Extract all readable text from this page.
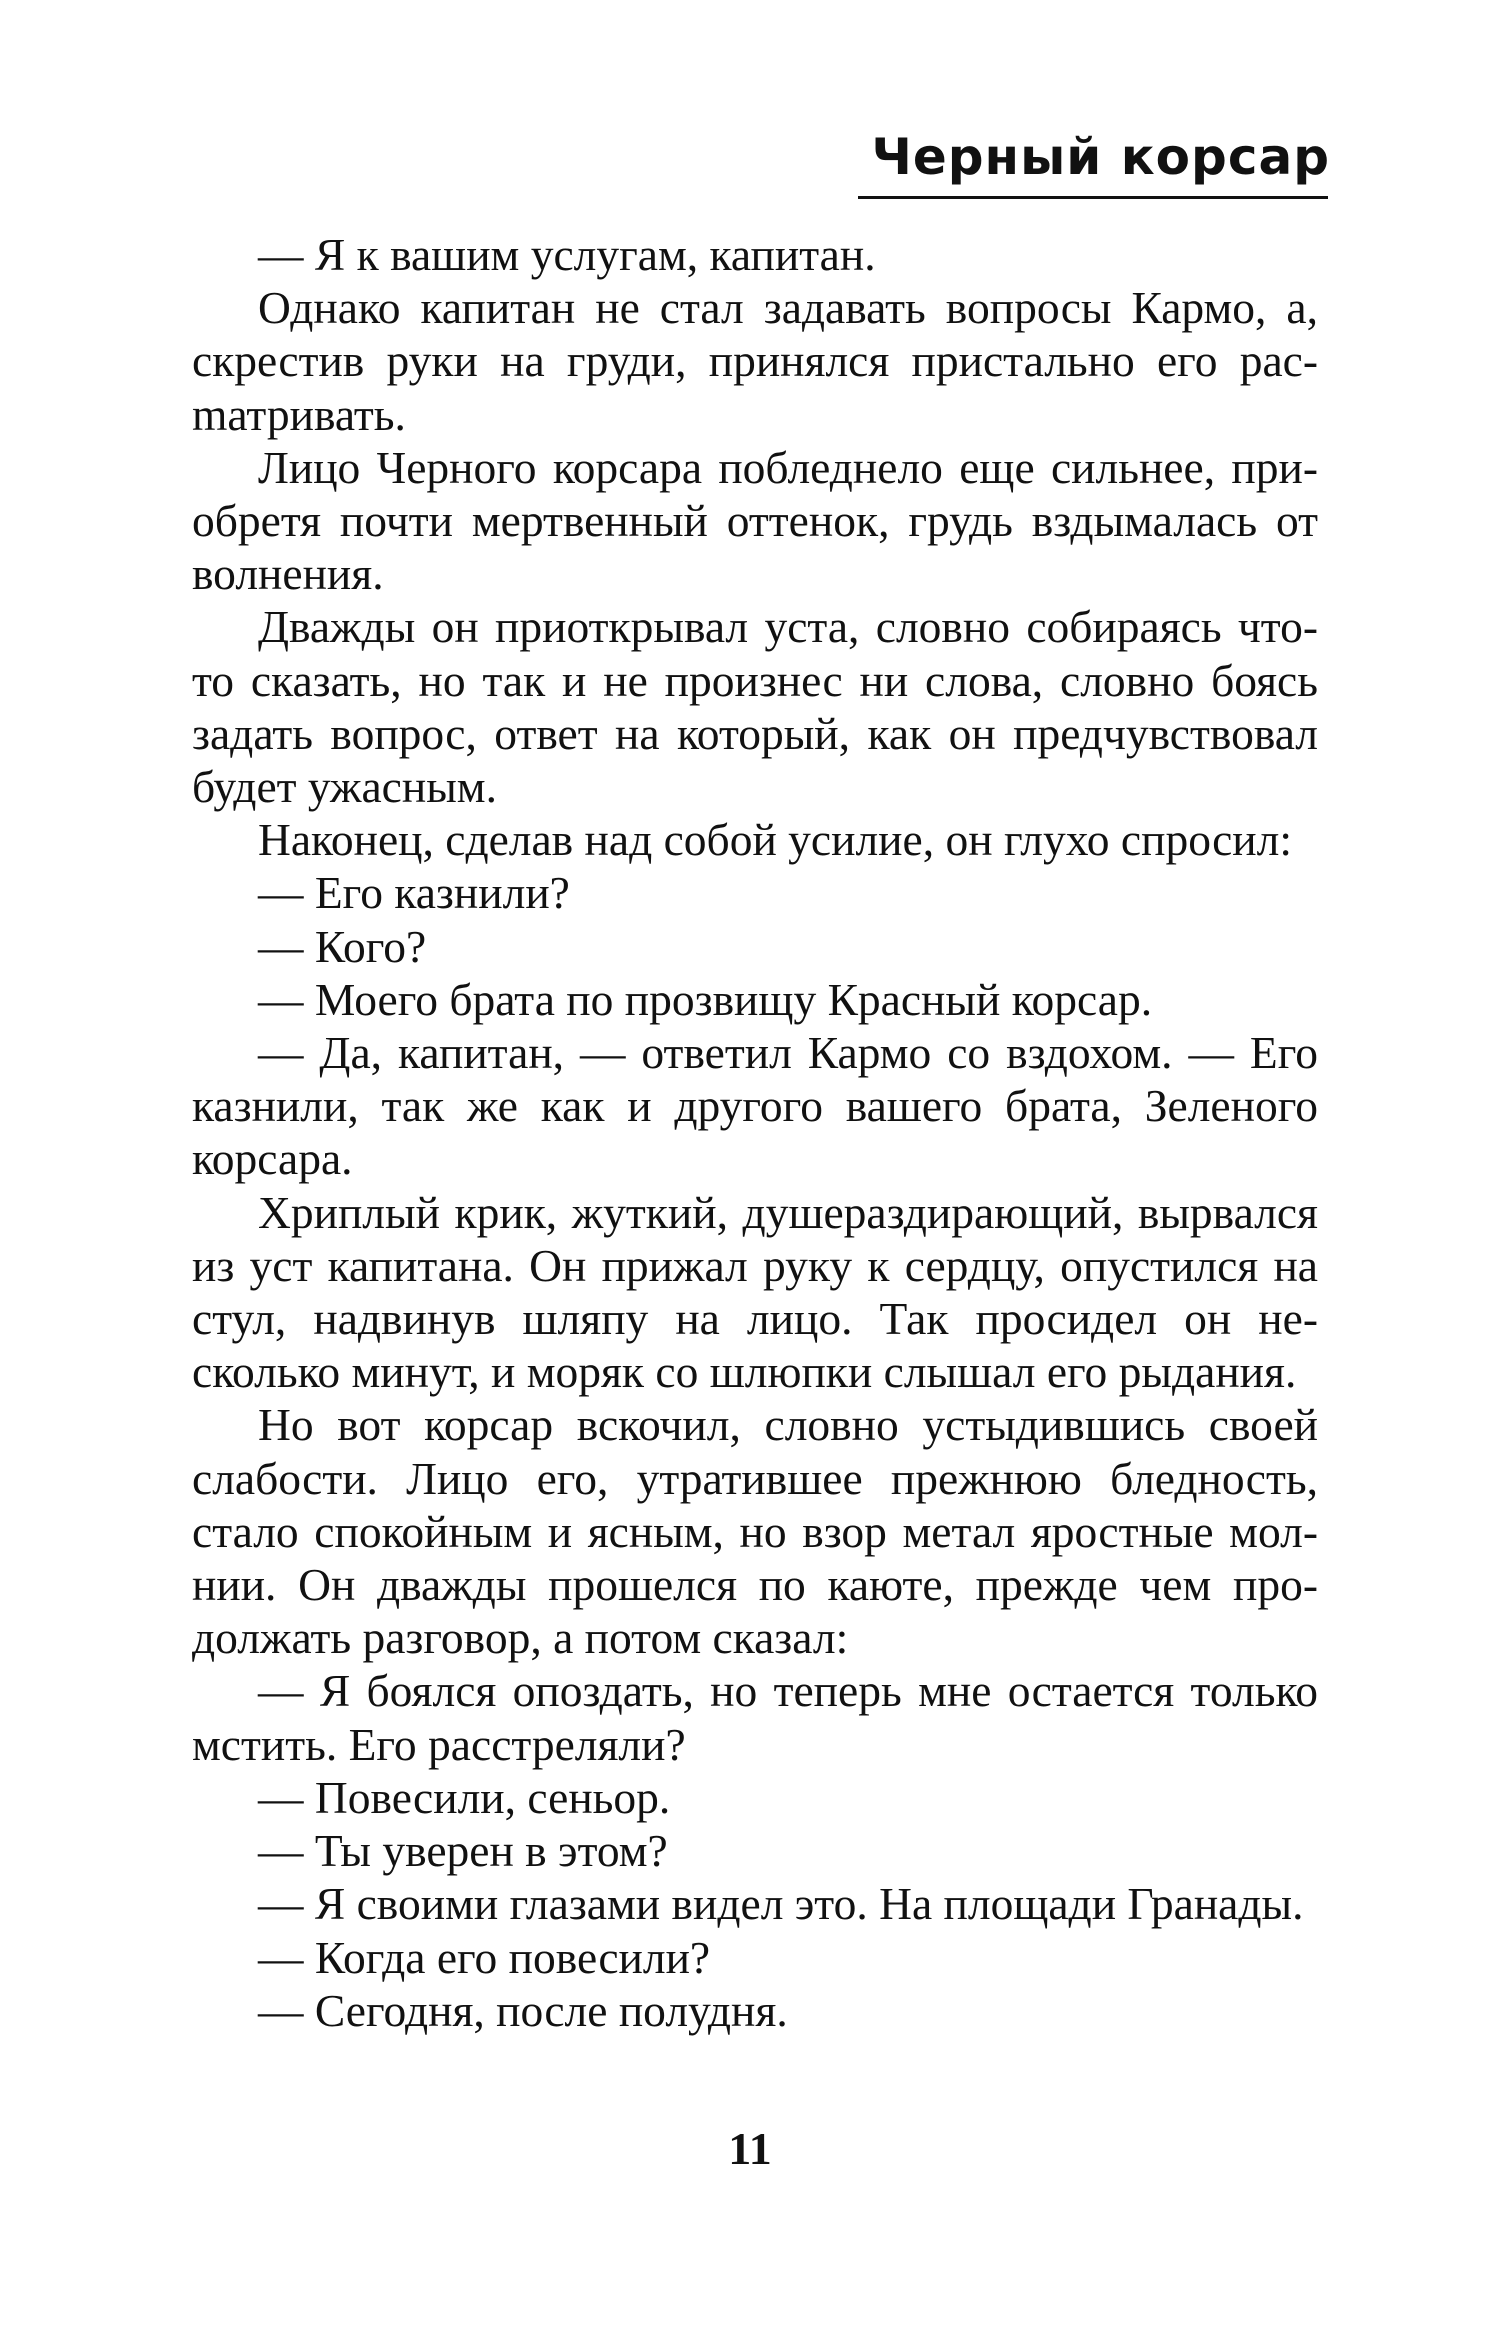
Черный корсар

— Я к вашим услугам, капитан.

Однако капитан не стал задавать вопросы Кармо, а, скрестив руки на груди, принялся пристально его расmатривать.

Лицо Черного корсара побледнело еще сильнее, приобретя почти мертвенный оттенок, грудь вздымалась от волнения.

Дважды он приоткрывал уста, словно собираясь что-то сказать, но так и не произнес ни слова, словно боясь задать вопрос, ответ на который, как он предчувствовал будет ужасным.

Наконец, сделав над собой усилие, он глухо спросил:

— Его казнили?

— Кого?

— Моего брата по прозвищу Красный корсар.

— Да, капитан, — ответил Кармо со вздохом. — Его казнили, так же как и другого вашего брата, Зеленого корсара.

Хриплый крик, жуткий, душераздирающий, вырвался из уст капитана. Он прижал руку к сердцу, опустился на стул, надвинув шляпу на лицо. Так просидел он несколько минут, и моряк со шлюпки слышал его рыдания.

Но вот корсар вскочил, словно устыдившись своей слабости. Лицо его, утратившее прежнюю бледность, стало спокойным и ясным, но взор метал яростные молнии. Он дважды прошелся по каюте, прежде чем продолжать разговор, а потом сказал:

— Я боялся опоздать, но теперь мне остается только мстить. Его расстреляли?

— Повесили, сеньор.

— Ты уверен в этом?

— Я своими глазами видел это. На площади Гранады.

— Когда его повесили?

— Сегодня, после полудня.

11
